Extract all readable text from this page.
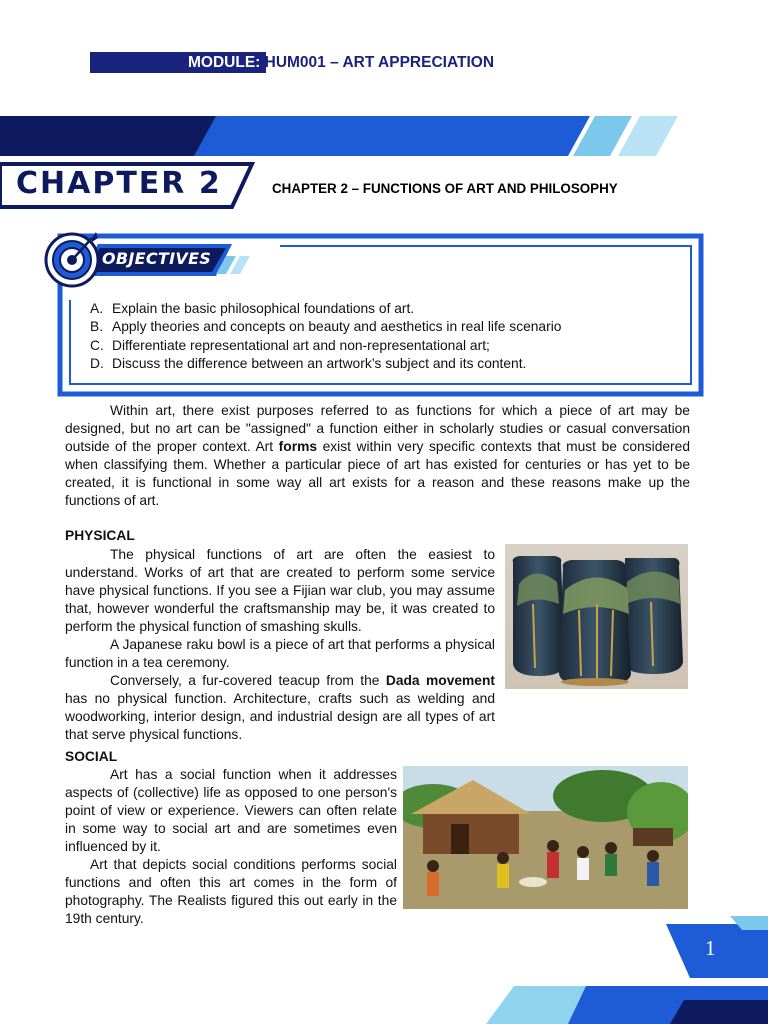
MODULE: HUM001 – ART APPRECIATION
CHAPTER 2	CHAPTER 2 – FUNCTIONS OF ART AND PHILOSOPHY
OBJECTIVES
A. Explain the basic philosophical foundations of art.
B. Apply theories and concepts on beauty and aesthetics in real life scenario
C. Differentiate representational art and non-representational art;
D. Discuss the difference between an artwork’s subject and its content.

Within art, there exist purposes referred to as functions for which a piece of art may be designed, but no art can be "assigned" a function either in scholarly studies or casual conversation outside of the proper context. Art forms exist within very specific contexts that must be considered when classifying them. Whether a particular piece of art has existed for centuries or has yet to be created, it is functional in some way all art exists for a reason and these reasons make up the functions of art.

PHYSICAL

The physical functions of art are often the easiest to understand. Works of art that are created to perform some service have physical functions. If you see a Fijian war club, you may assume that, however wonderful the craftsmanship may be, it was created to perform the physical function of smashing skulls.

A Japanese raku bowl is a piece of art that performs a physical function in a tea ceremony.

Conversely, a fur-covered teacup from the Dada movement has no physical function. Architecture, crafts such as welding and woodworking, interior design, and industrial design are all types of art that serve physical functions.

SOCIAL

Art has a social function when it addresses aspects of (collective) life as opposed to one person's point of view or experience. Viewers can often relate in some way to social art and are sometimes even influenced by it.

Art that depicts social conditions performs social functions and often this art comes in the form of photography. The Realists figured this out early in the 19th century.

1
